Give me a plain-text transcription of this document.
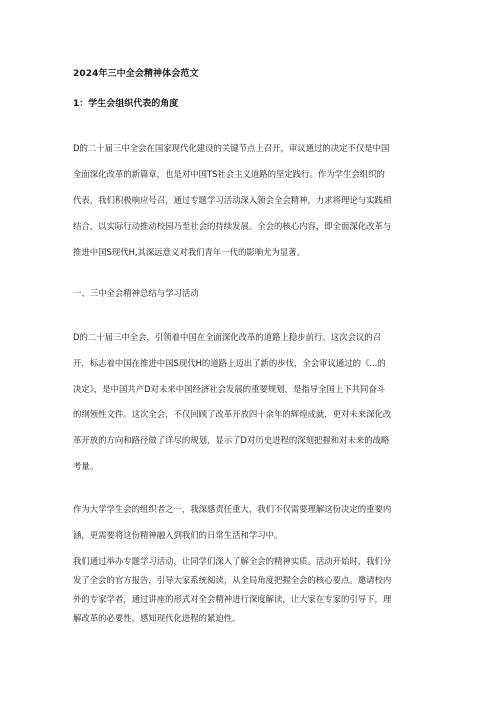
2024年三中全会精神体会范文
1：学生会组织代表的角度
D的二十届三中全会在国家现代化建设的关键节点上召开，审议通过的决定不仅是中国
全面深化改革的新篇章，也是对中国TS社会主义道路的坚定践行。作为学生会组织的
代表，我们积极响应号召，通过专题学习活动深入领会全会精神，力求将理论与实践相
结合，以实际行动推动校园乃至社会的持续发展。全会的核心内容，即全面深化改革与
推进中国S现代H,其深远意义对我们青年一代的影响尤为显著。
一、三中全会精神总结与学习活动
D的二十届三中全会，引领着中国在全面深化改革的道路上稳步前行。这次会议的召
开，标志着中国在推进中国S现代H的道路上迈出了新的步伐，全会审议通过的《...的
决定》，是中国共产D对未来中国经济社会发展的重要规划，是指导全国上下共同奋斗
的纲领性文件。这次全会，不仅回顾了改革开放四十余年的辉煌成就，更对未来深化改
革开放的方向和路径做了详尽的规划，显示了D对历史进程的深刻把握和对未来的战略
考量。
作为大学学生会的组织者之一，我深感责任重大，我们不仅需要理解这份决定的重要内
涵，更需要将这份精神融入到我们的日常生活和学习中。
我们通过举办专题学习活动，让同学们深入了解全会的精神实质。活动开始时，我们分
发了全会的官方报告，引导大家系统阅读，从全局角度把握全会的核心要点。邀请校内
外的专家学者，通过讲座的形式对全会精神进行深度解读，让大家在专家的引导下，理
解改革的必要性，感知现代化进程的紧迫性。
